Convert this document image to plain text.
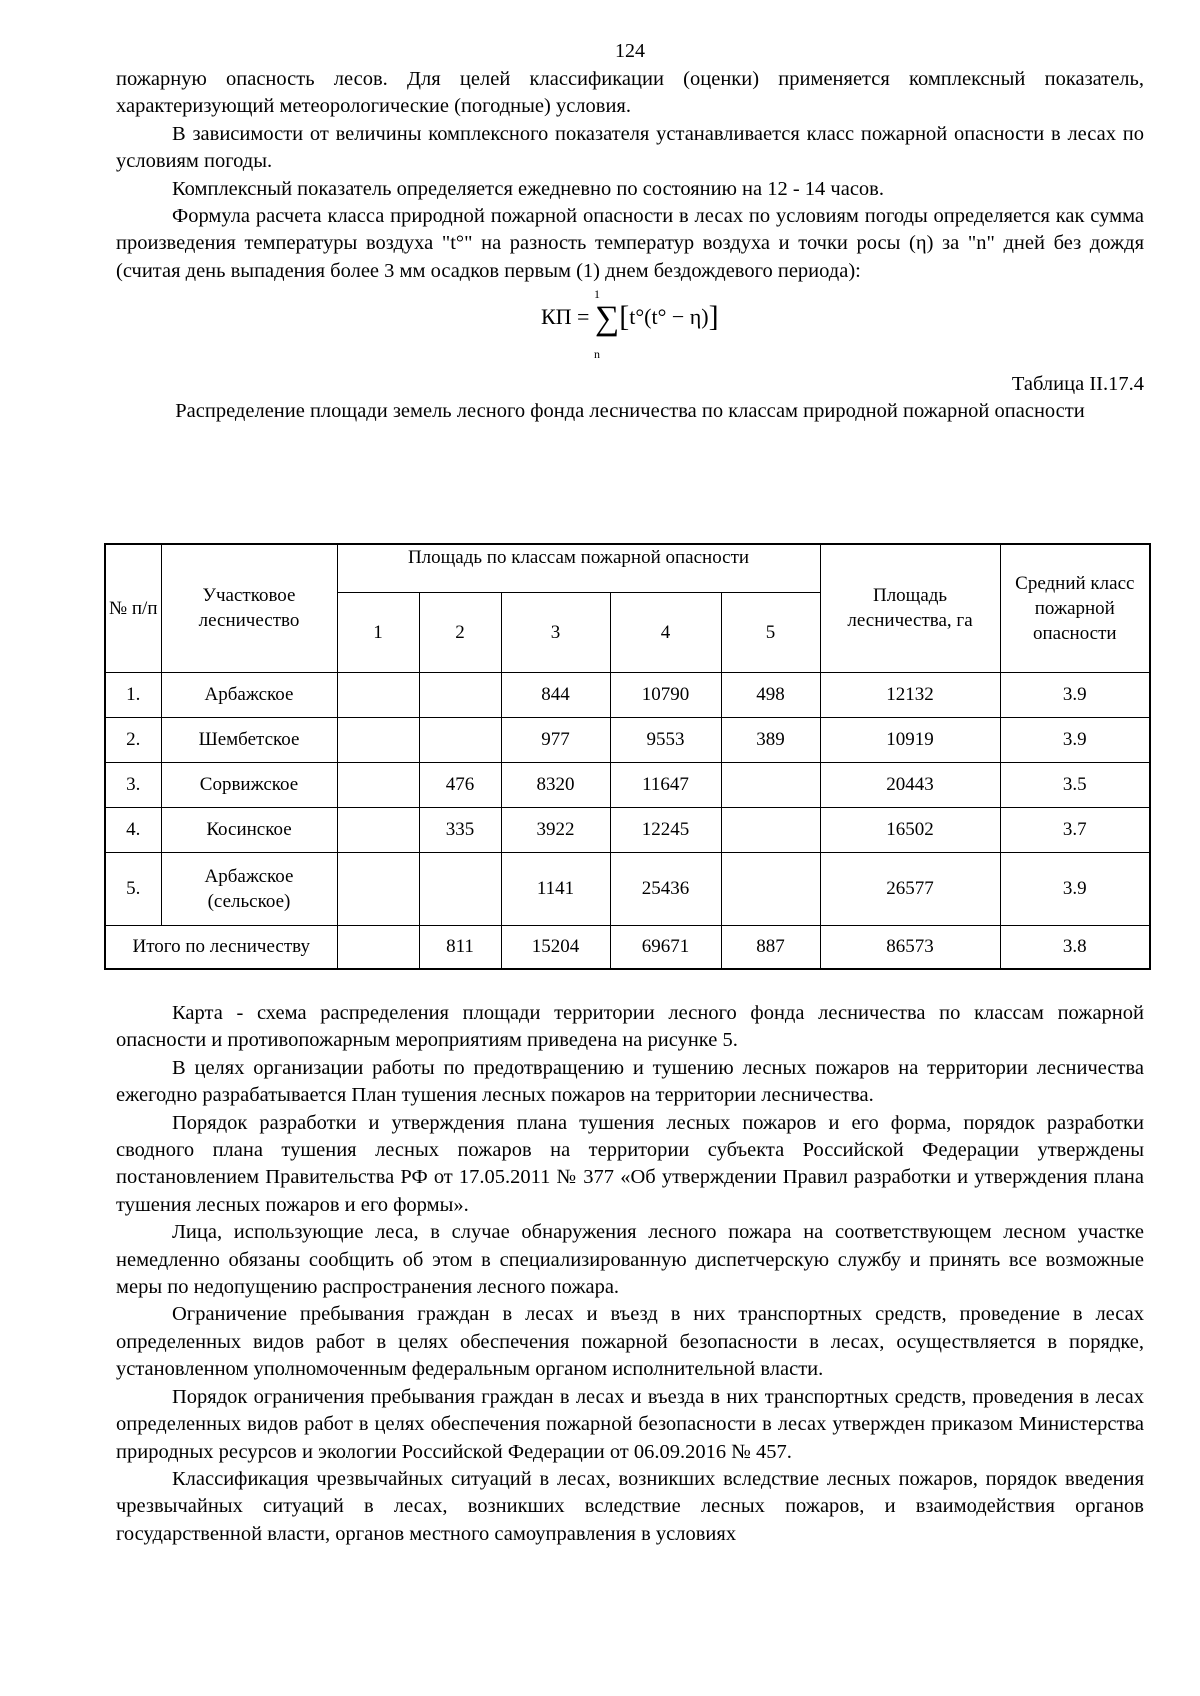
124

пожарную опасность лесов. Для целей классификации (оценки) применяется комплексный показатель, характеризующий метеорологические (погодные) условия.

В зависимости от величины комплексного показателя устанавливается класс пожарной опасности в лесах по условиям погоды.

Комплексный показатель определяется ежедневно по состоянию на 12 - 14 часов.

Формула расчета класса природной пожарной опасности в лесах по условиям погоды определяется как сумма произведения температуры воздуха "t°" на разность температур воздуха и точки росы (η) за "n" дней без дождя (считая день выпадения более 3 мм осадков первым (1) днем бездождевого периода):

КП = ∑
1
n
[t°(t° − η)]
Таблица II.17.4
Распределение площади земель лесного фонда лесничества по классам природной пожарной опасности
№ п/п	Участковое лесничество	Площадь по классам пожарной опасности					Площадь лесничества, га	Средний класс пожарной опасности
		1	2	3	4	5		
1.	Арбажское			844	10790	498	12132	3.9
2.	Шембетское			977	9553	389	10919	3.9
3.	Сорвижское		476	8320	11647		20443	3.5
4.	Косинское		335	3922	12245		16502	3.7
5.	Арбажское (сельское)			1141	25436		26577	3.9
Итого по лесничеству			811	15204	69671	887	86573	3.8

Карта - схема распределения площади территории лесного фонда лесничества по классам пожарной опасности и противопожарным мероприятиям приведена на рисунке 5.

В целях организации работы по предотвращению и тушению лесных пожаров на территории лесничества ежегодно разрабатывается План тушения лесных пожаров на территории лесничества.

Порядок разработки и утверждения плана тушения лесных пожаров и его форма, порядок разработки сводного плана тушения лесных пожаров на территории субъекта Российской Федерации утверждены постановлением Правительства РФ от 17.05.2011 № 377 «Об утверждении Правил разработки и утверждения плана тушения лесных пожаров и его формы».

Лица, использующие леса, в случае обнаружения лесного пожара на соответствующем лесном участке немедленно обязаны сообщить об этом в специализированную диспетчерскую службу и принять все возможные меры по недопущению распространения лесного пожара.

Ограничение пребывания граждан в лесах и въезд в них транспортных средств, проведение в лесах определенных видов работ в целях обеспечения пожарной безопасности в лесах, осуществляется в порядке, установленном уполномоченным федеральным органом исполнительной власти.

Порядок ограничения пребывания граждан в лесах и въезда в них транспортных средств, проведения в лесах определенных видов работ в целях обеспечения пожарной безопасности в лесах утвержден приказом Министерства природных ресурсов и экологии Российской Федерации от 06.09.2016 № 457.

Классификация чрезвычайных ситуаций в лесах, возникших вследствие лесных пожаров, порядок введения чрезвычайных ситуаций в лесах, возникших вследствие лесных пожаров, и взаимодействия органов государственной власти, органов местного самоуправления в условиях
